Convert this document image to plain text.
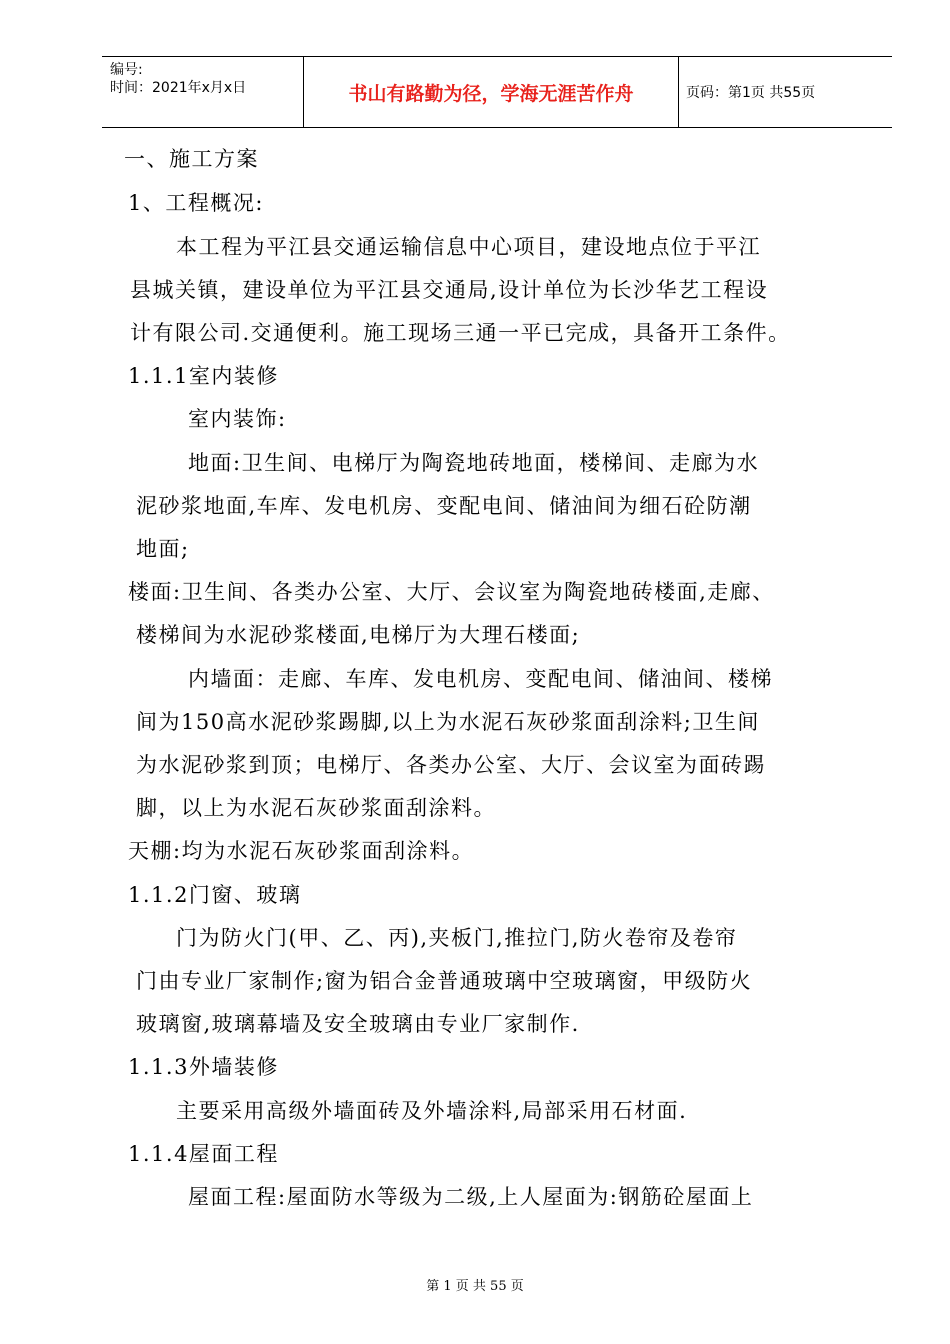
编号:
时间：2021年x月x日	书山有路勤为径，学海无涯苦作舟	页码：第1页 共55页
一、施工方案
1、工程概况:
本工程为平江县交通运输信息中心项目，建设地点位于平江
县城关镇，建设单位为平江县交通局,设计单位为长沙华艺工程设
计有限公司.交通便利。施工现场三通一平已完成，具备开工条件。
1.1.1室内装修
室内装饰:
地面:卫生间、电梯厅为陶瓷地砖地面，楼梯间、走廊为水
泥砂浆地面,车库、发电机房、变配电间、储油间为细石砼防潮
地面;
楼面:卫生间、各类办公室、大厅、会议室为陶瓷地砖楼面,走廊、
楼梯间为水泥砂浆楼面,电梯厅为大理石楼面;
内墙面：走廊、车库、发电机房、变配电间、储油间、楼梯
间为150高水泥砂浆踢脚,以上为水泥石灰砂浆面刮涂料;卫生间
为水泥砂浆到顶；电梯厅、各类办公室、大厅、会议室为面砖踢
脚，以上为水泥石灰砂浆面刮涂料。
天棚:均为水泥石灰砂浆面刮涂料。
1.1.2门窗、玻璃
门为防火门(甲、乙、丙),夹板门,推拉门,防火卷帘及卷帘
门由专业厂家制作;窗为铝合金普通玻璃中空玻璃窗，甲级防火
玻璃窗,玻璃幕墙及安全玻璃由专业厂家制作.
1.1.3外墙装修
主要采用高级外墙面砖及外墙涂料,局部采用石材面.
1.1.4屋面工程
屋面工程:屋面防水等级为二级,上人屋面为:钢筋砼屋面上
第 1 页 共 55 页
